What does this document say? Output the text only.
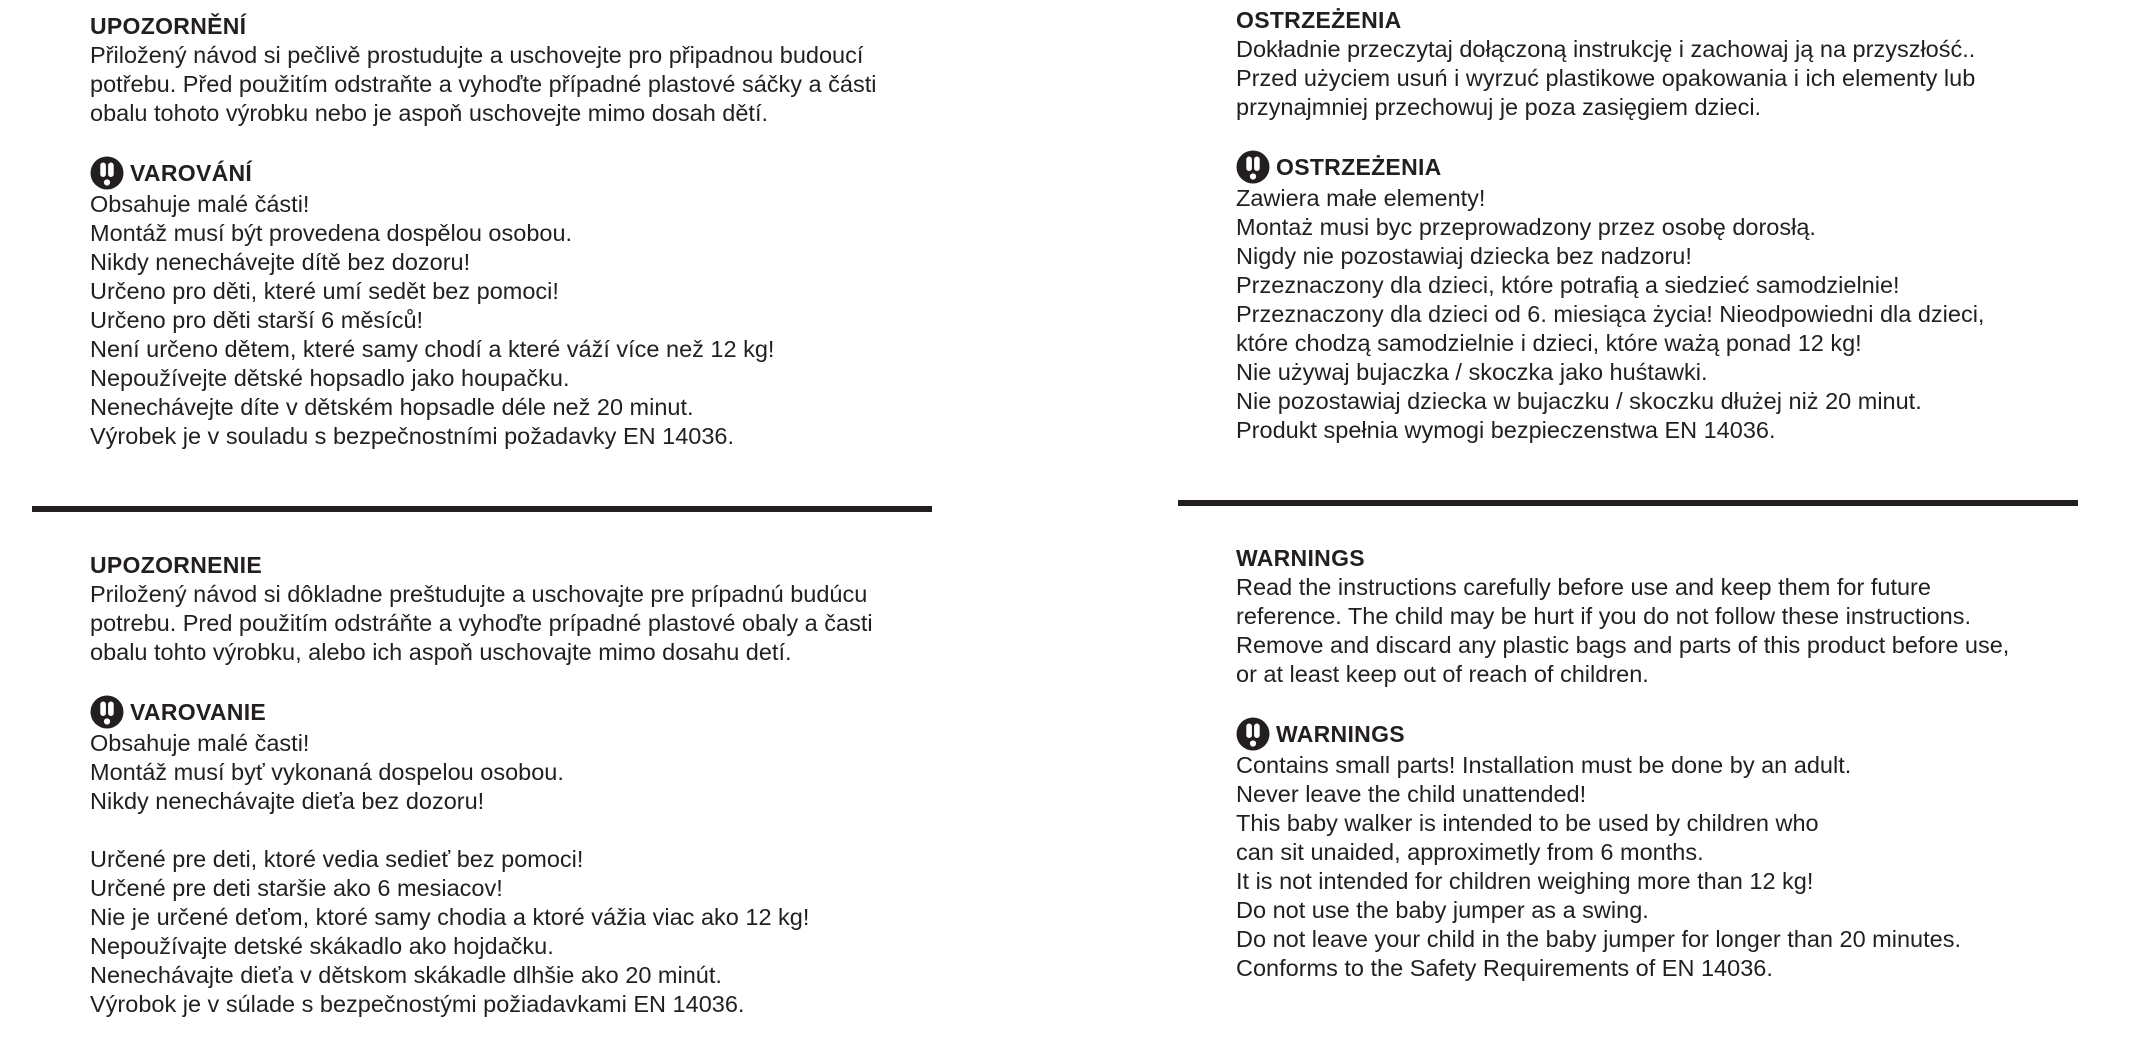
UPOZORNĚNÍ
Přiložený návod si pečlivě prostudujte a uschovejte pro připadnou budoucí
potřebu. Před použitím odstraňte a vyhoďte případné plastové sáčky a části
obalu tohoto výrobku nebo je aspoň uschovejte mimo dosah dětí.
VAROVÁNÍ
Obsahuje malé části!
Montáž musí být provedena dospělou osobou.
Nikdy nenechávejte dítě bez dozoru!
Určeno pro děti, které umí sedět bez pomoci!
Určeno pro děti starší 6 měsíců!
Není určeno dětem, které samy chodí a které váží více než 12 kg!
Nepoužívejte dětské hopsadlo jako houpačku.
Nenechávejte díte v dětském hopsadle déle než 20 minut.
Výrobek je v souladu s bezpečnostními požadavky EN 14036.
UPOZORNENIE
Priložený návod si dôkladne preštudujte a uschovajte pre prípadnú budúcu
potrebu. Pred použitím odstráňte a vyhoďte prípadné plastové obaly a časti
obalu tohto výrobku, alebo ich aspoň uschovajte mimo dosahu detí.
VAROVANIE
Obsahuje malé časti!
Montáž musí byť vykonaná dospelou osobou.
Nikdy nenechávajte dieťa bez dozoru!
Určené pre deti, ktoré vedia sedieť bez pomoci!
Určené pre deti staršie ako 6 mesiacov!
Nie je určené deťom, ktoré samy chodia a ktoré vážia viac ako 12 kg!
Nepoužívajte detské skákadlo ako hojdačku.
Nenechávajte dieťa v dětskom skákadle dlhšie ako 20 minút.
Výrobok je v súlade s bezpečnostými požiadavkami EN 14036.
OSTRZEŻENIA
Dokładnie przeczytaj dołączoną instrukcję i zachowaj ją na przyszłość..
Przed użyciem usuń i wyrzuć plastikowe opakowania i ich elementy lub
przynajmniej przechowuj je poza zasięgiem dzieci.
OSTRZEŻENIA
Zawiera małe elementy!
Montaż musi byc przeprowadzony przez osobę dorosłą.
Nigdy nie pozostawiaj dziecka bez nadzoru!
Przeznaczony dla dzieci, które potrafią a siedzieć samodzielnie!
Przeznaczony dla dzieci od 6. miesiąca życia! Nieodpowiedni dla dzieci,
które chodzą samodzielnie i dzieci, które ważą ponad 12 kg!
Nie używaj bujaczka / skoczka jako huśtawki.
Nie pozostawiaj dziecka w bujaczku / skoczku dłużej niż 20 minut.
Produkt spełnia wymogi bezpieczenstwa EN 14036.
WARNINGS
Read the instructions carefully before use and keep them for future
reference. The child may be hurt if you do not follow these instructions.
Remove and discard any plastic bags and parts of this product before use,
or at least keep out of reach of children.
WARNINGS
Contains small parts! Installation must be done by an adult.
Never leave the child unattended!
This baby walker is intended to be used by children who
can sit unaided, approximetly from 6 months.
It is not intended for children weighing more than 12 kg!
Do not use the baby jumper as a swing.
Do not leave your child in the baby jumper for longer than 20 minutes.
Conforms to the Safety Requirements of EN 14036.
